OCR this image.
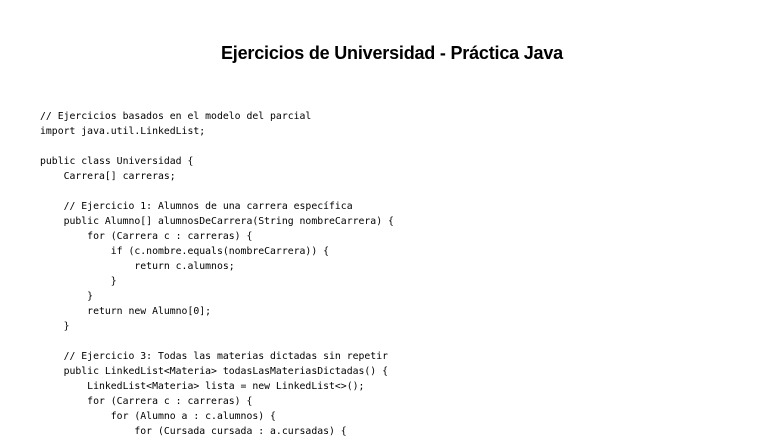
Ejercicios de Universidad - Práctica Java
// Ejercicios basados en el modelo del parcial
import java.util.LinkedList;
public class Universidad {
Carrera[] carreras;
// Ejercicio 1: Alumnos de una carrera específica
public Alumno[] alumnosDeCarrera(String nombreCarrera) {
for (Carrera c : carreras) {
if (c.nombre.equals(nombreCarrera)) {
return c.alumnos;
}
}
return new Alumno[0];
}
// Ejercicio 3: Todas las materias dictadas sin repetir
public LinkedList<Materia> todasLasMateriasDictadas() {
LinkedList<Materia> lista = new LinkedList<>();
for (Carrera c : carreras) {
for (Alumno a : c.alumnos) {
for (Cursada cursada : a.cursadas) {
